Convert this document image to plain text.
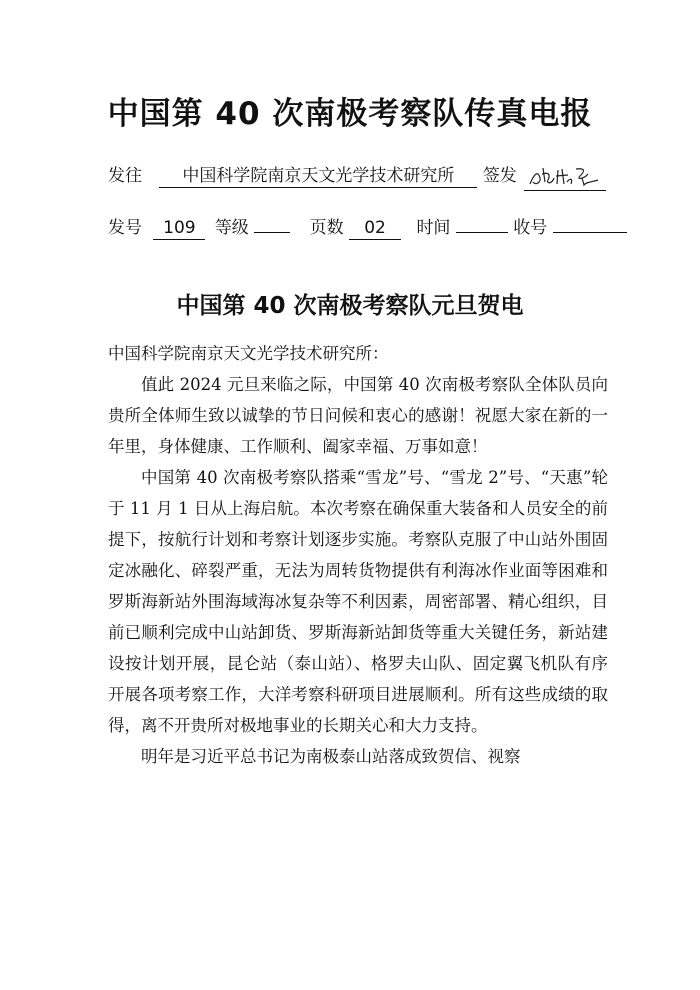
中国第 40 次南极考察队传真电报
发往 中国科学院南京天文光学技术研究所 签发
发号 109 等级	页数 02 时间	收号
中国第 40 次南极考察队元旦贺电

中国科学院南京天文光学技术研究所：

值此 2024 元旦来临之际，中国第 40 次南极考察队全体队员向贵所全体师生致以诚挚的节日问候和衷心的感谢！祝愿大家在新的一年里，身体健康、工作顺利、阖家幸福、万事如意！

中国第 40 次南极考察队搭乘“雪龙”号、“雪龙 2”号、“天惠”轮于 11 月 1 日从上海启航。本次考察在确保重大装备和人员安全的前提下，按航行计划和考察计划逐步实施。考察队克服了中山站外围固定冰融化、碎裂严重，无法为周转货物提供有利海冰作业面等困难和罗斯海新站外围海域海冰复杂等不利因素，周密部署、精心组织，目前已顺利完成中山站卸货、罗斯海新站卸货等重大关键任务，新站建设按计划开展，昆仑站（泰山站）、格罗夫山队、固定翼飞机队有序开展各项考察工作，大洋考察科研项目进展顺利。所有这些成绩的取得，离不开贵所对极地事业的长期关心和大力支持。

明年是习近平总书记为南极泰山站落成致贺信、视察
